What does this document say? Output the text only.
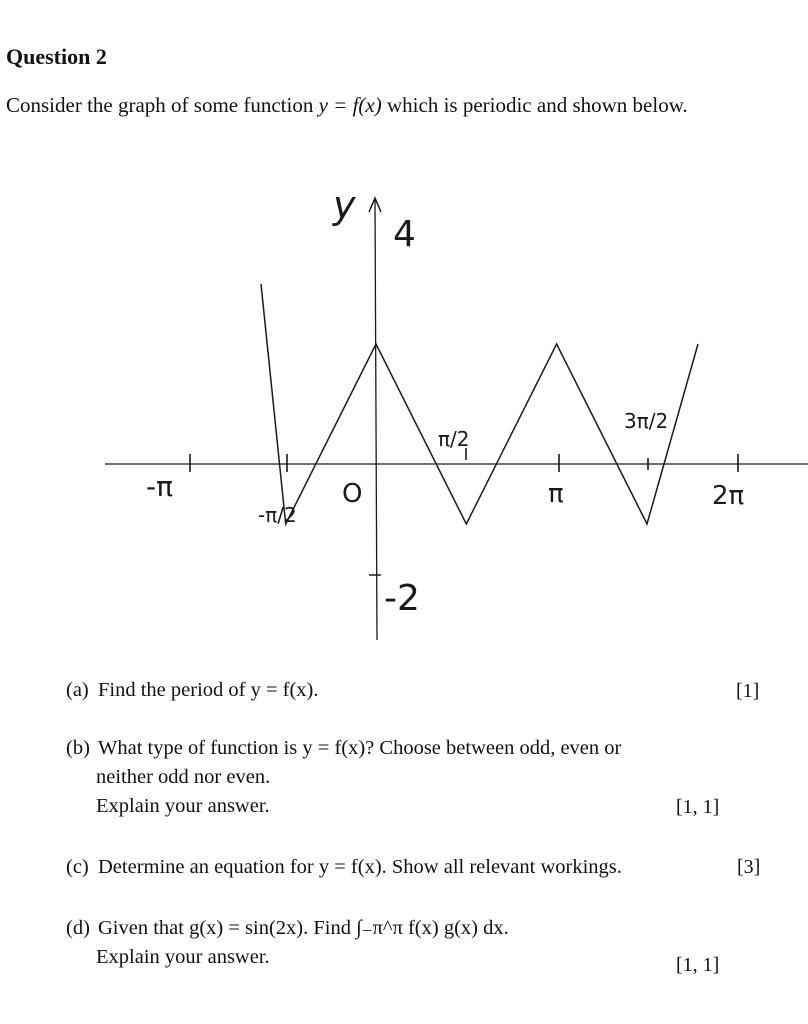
Question 2
Consider the graph of some function y = f(x) which is periodic and shown below.
y
4
-2
O
-π
-π/2
π/2
π
3π/2
2π
(a) Find the period of y = f(x).	[1]
(b) What type of function is y = f(x)? Choose between odd, even or
neither odd nor even.
Explain your answer.	[1, 1]
(c) Determine an equation for y = f(x). Show all relevant workings.	[3]
(d) Given that g(x) = sin(2x). Find ∫₋π^π f(x) g(x) dx.
Explain your answer.	[1, 1]
